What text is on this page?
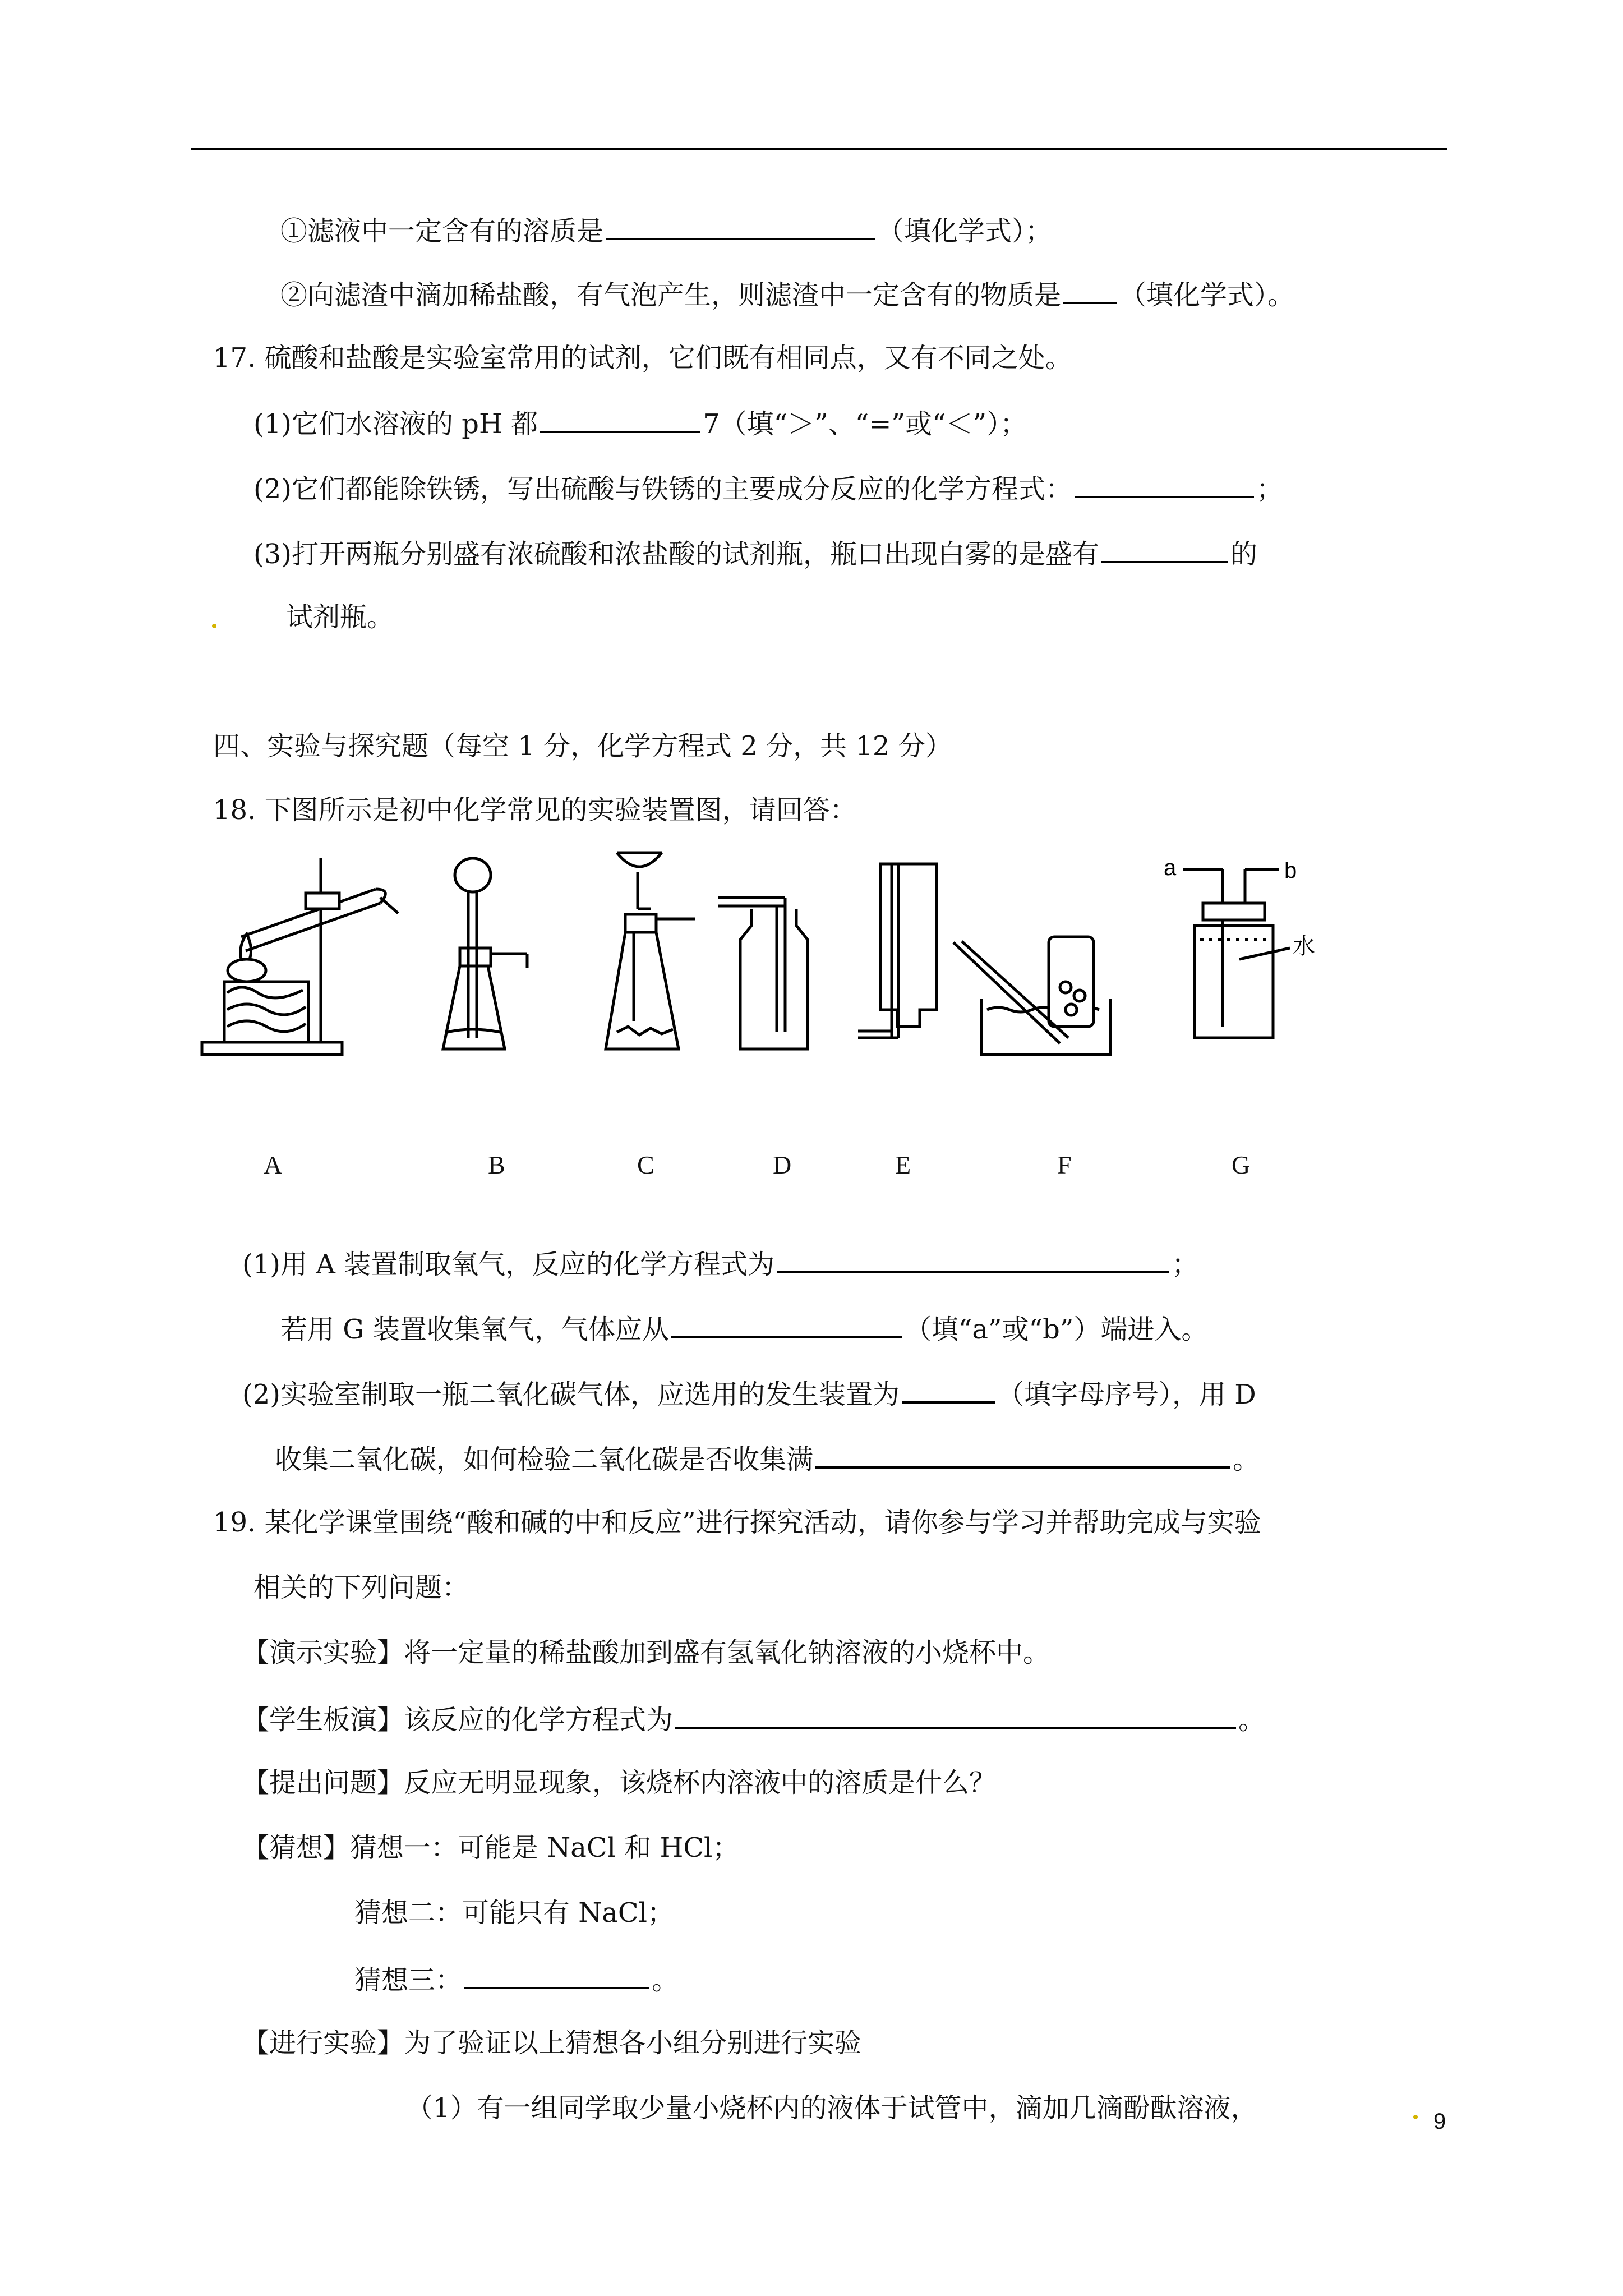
①滤液中一定含有的溶质是	（填化学式）；
②向滤渣中滴加稀盐酸，有气泡产生，则滤渣中一定含有的物质是 （填化学式）。
17. 硫酸和盐酸是实验室常用的试剂，它们既有相同点，又有不同之处。
(1)它们水溶液的 pH 都	7（填“＞”、“=”或“＜”）；
(2)它们都能除铁锈，写出硫酸与铁锈的主要成分反应的化学方程式：	；
(3)打开两瓶分别盛有浓硫酸和浓盐酸的试剂瓶，瓶口出现白雾的是盛有	的
试剂瓶。
四、实验与探究题（每空 1 分，化学方程式 2 分，共 12 分）
18. 下图所示是初中化学常见的实验装置图，请回答：
a	b
水
A	B	C	D	E	F	G
(1)用 A 装置制取氧气，反应的化学方程式为	；
若用 G 装置收集氧气，气体应从	（填“a”或“b”）端进入。
(2)实验室制取一瓶二氧化碳气体，应选用的发生装置为	（填字母序号），用 D
收集二氧化碳，如何检验二氧化碳是否收集满	。
19. 某化学课堂围绕“酸和碱的中和反应”进行探究活动，请你参与学习并帮助完成与实验
相关的下列问题：
【演示实验】将一定量的稀盐酸加到盛有氢氧化钠溶液的小烧杯中。
【学生板演】该反应的化学方程式为	。
【提出问题】反应无明显现象，该烧杯内溶液中的溶质是什么？
【猜想】猜想一：可能是 NaCl 和 HCl；
猜想二：可能只有 NaCl；
猜想三：	。
【进行实验】为了验证以上猜想各小组分别进行实验
（1）有一组同学取少量小烧杯内的液体于试管中，滴加几滴酚酞溶液，	9
